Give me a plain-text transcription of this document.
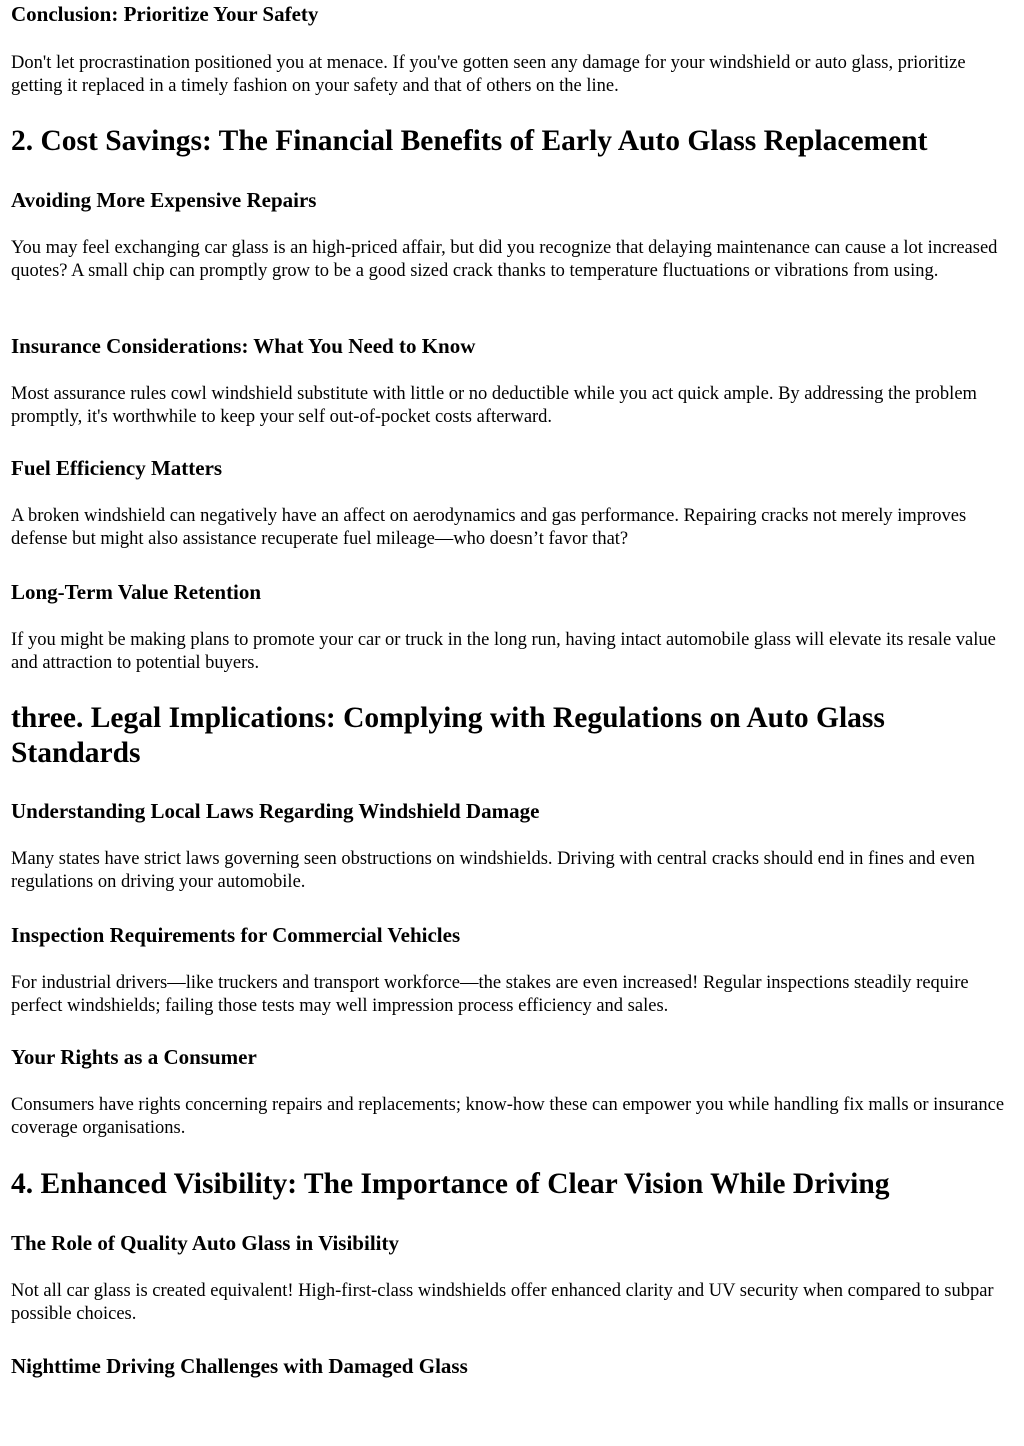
Conclusion: Prioritize Your Safety

Don't let procrastination positioned you at menace. If you've gotten seen any damage for your windshield or auto glass, prioritize getting it replaced in a timely fashion on your safety and that of others on the line.

2. Cost Savings: The Financial Benefits of Early Auto Glass Replacement
Avoiding More Expensive Repairs

You may feel exchanging car glass is an high-priced affair, but did you recognize that delaying maintenance can cause a lot increased quotes? A small chip can promptly grow to be a good sized crack thanks to temperature fluctuations or vibrations from using.

Insurance Considerations: What You Need to Know

Most assurance rules cowl windshield substitute with little or no deductible while you act quick ample. By addressing the problem promptly, it's worthwhile to keep your self out-of-pocket costs afterward.

Fuel Efficiency Matters

A broken windshield can negatively have an affect on aerodynamics and gas performance. Repairing cracks not merely improves defense but might also assistance recuperate fuel mileage—who doesn’t favor that?

Long-Term Value Retention

If you might be making plans to promote your car or truck in the long run, having intact automobile glass will elevate its resale value and attraction to potential buyers.

three. Legal Implications: Complying with Regulations on Auto Glass Standards
Understanding Local Laws Regarding Windshield Damage

Many states have strict laws governing seen obstructions on windshields. Driving with central cracks should end in fines and even regulations on driving your automobile.

Inspection Requirements for Commercial Vehicles

For industrial drivers—like truckers and transport workforce—the stakes are even increased! Regular inspections steadily require perfect windshields; failing those tests may well impression process efficiency and sales.

Your Rights as a Consumer

Consumers have rights concerning repairs and replacements; know-how these can empower you while handling fix malls or insurance coverage organisations.

4. Enhanced Visibility: The Importance of Clear Vision While Driving
The Role of Quality Auto Glass in Visibility

Not all car glass is created equivalent! High-first-class windshields offer enhanced clarity and UV security when compared to subpar possible choices.

Nighttime Driving Challenges with Damaged Glass
